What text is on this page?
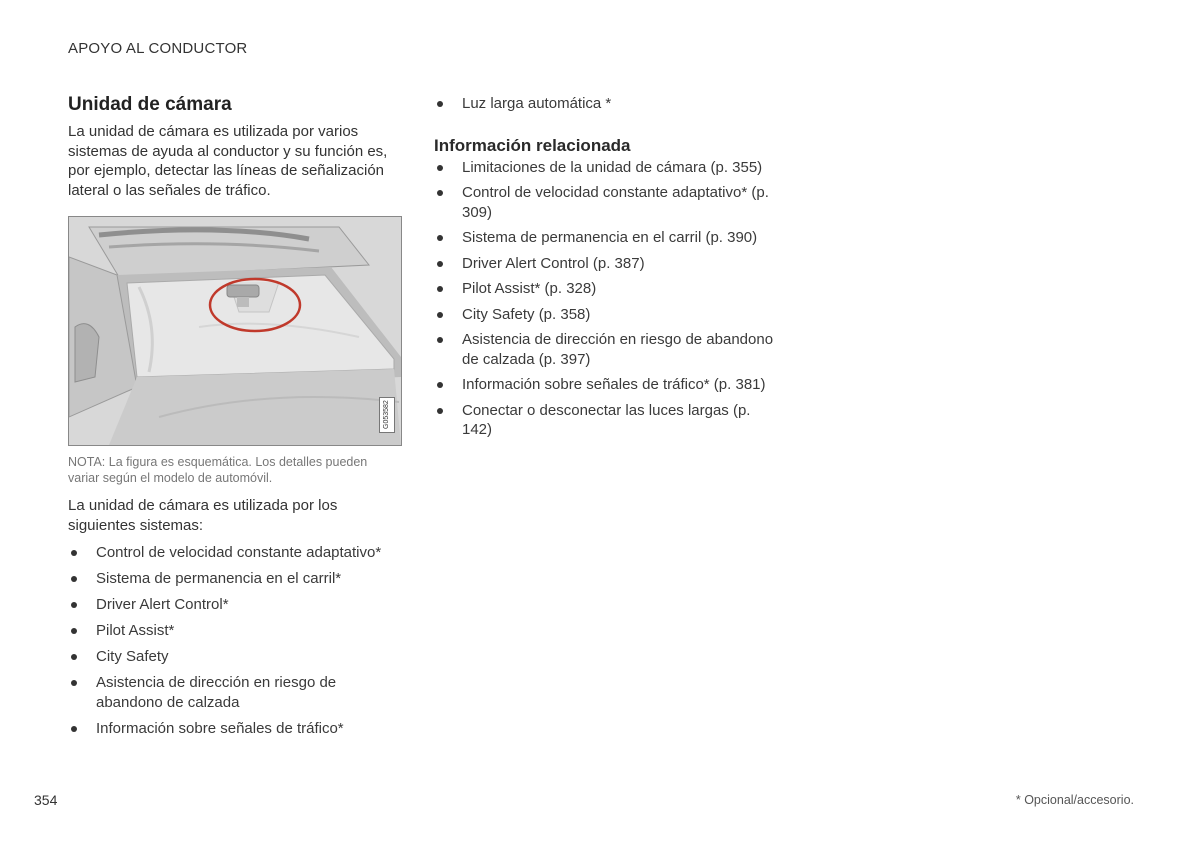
APOYO AL CONDUCTOR
Unidad de cámara

La unidad de cámara es utilizada por varios sistemas de ayuda al conductor y su función es, por ejemplo, detectar las líneas de señalización lateral o las señales de tráfico.

G053582

NOTA: La figura es esquemática. Los detalles pueden variar según el modelo de automóvil.

La unidad de cámara es utilizada por los siguientes sistemas:

Control de velocidad constante adaptativo*
Sistema de permanencia en el carril*
Driver Alert Control*
Pilot Assist*
City Safety
Asistencia de dirección en riesgo de abandono de calzada
Información sobre señales de tráfico*
Luz larga automática *
Información relacionada
Limitaciones de la unidad de cámara (p. 355)
Control de velocidad constante adaptativo* (p. 309)
Sistema de permanencia en el carril (p. 390)
Driver Alert Control (p. 387)
Pilot Assist* (p. 328)
City Safety (p. 358)
Asistencia de dirección en riesgo de abandono de calzada (p. 397)
Información sobre señales de tráfico* (p. 381)
Conectar o desconectar las luces largas (p. 142)
354	* Opcional/accesorio.
